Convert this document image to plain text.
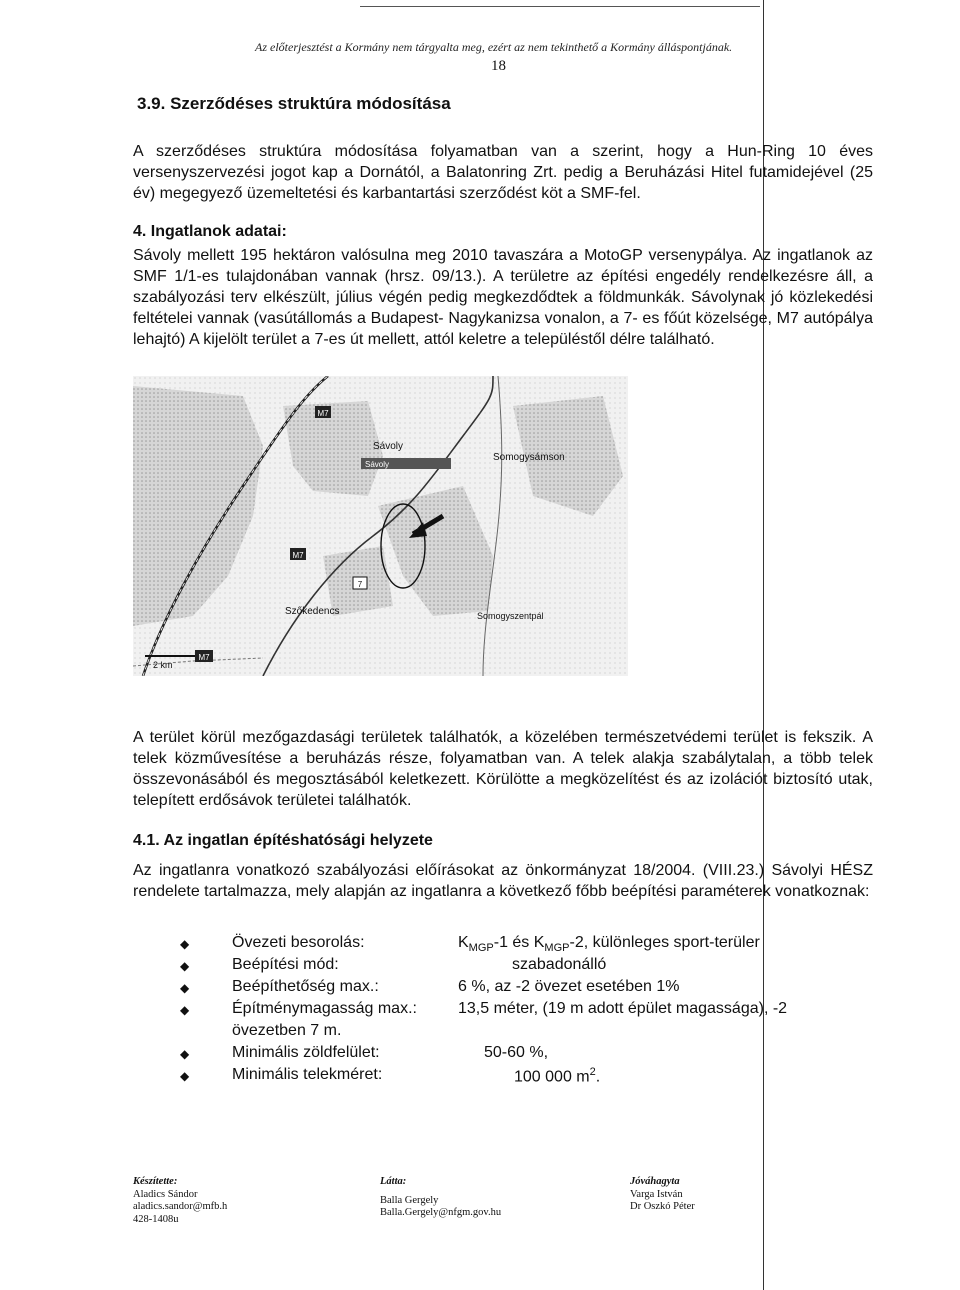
Az előterjesztést a Kormány nem tárgyalta meg, ezért az nem tekinthető a Kormány álláspontjának.
18
3.9. Szerződéses struktúra módosítása
A szerződéses struktúra módosítása folyamatban van a szerint, hogy a Hun-Ring 10 éves versenyszervezési jogot kap a Dornától, a Balatonring Zrt. pedig a Beruházási Hitel futamidejével (25 év) megegyező üzemeltetési és karbantartási szerződést köt a SMF-fel.
4. Ingatlanok adatai:
Sávoly mellett 195 hektáron valósulna meg 2010 tavaszára a MotoGP versenypálya. Az ingatlanok az SMF 1/1-es tulajdonában vannak (hrsz. 09/13.). A területre az építési engedély rendelkezésre áll, a szabályozási terv elkészült, július végén pedig megkezdődtek a földmunkák. Sávolynak jó közlekedési feltételei vannak (vasútállomás a Budapest- Nagykanizsa vonalon, a 7- es főút közelsége, M7 autópálya lehajtó) A kijelölt terület a 7-es út mellett, attól keletre a településtől délre található.
M7
Sávoly
Sávoly
Somogysámson
M7
7
Szőkedencs	Somogyszentpál
2 km
M7
A terület körül mezőgazdasági területek találhatók, a közelében természetvédemi terület is fekszik. A telek közművesítése a beruházás része, folyamatban van. A telek alakja szabálytalan, a több telek összevonásából és megosztásából keletkezett. Körülötte a megközelítést és az izolációt biztosító utak, telepített erdősávok területei találhatók.
4.1. Az ingatlan építéshatósági helyzete
Az ingatlanra vonatkozó szabályozási előírásokat az önkormányzat 18/2004. (VIII.23.) Sávolyi HÉSZ rendelete tartalmazza, mely alapján az ingatlanra a következő főbb beépítési paraméterek vonatkoznak:
◆	Övezeti besorolás:	$K_{MGP}-1$ és $K_{MGP}-2$, különleges sport-terüler
◆	Beépítési mód:	szabadonálló
◆	Beépíthetőség max.:	6 %, az -2 övezet esetében 1%
◆	Építménymagasság max.:	13,5 méter, (19 m adott épület magassága), -2
övezetben 7 m.
◆	Minimális zöldfelület:	50-60 %,
◆	Minimális telekméret:	100 000 $m^2$.
Készítette:
Aladics Sándor
aladics.sandor@mfb.h
428-1408u
Látta:
Balla Gergely
Balla.Gergely@nfgm.gov.hu
Jóváhagyta
Varga István
Dr Oszkó Péter
